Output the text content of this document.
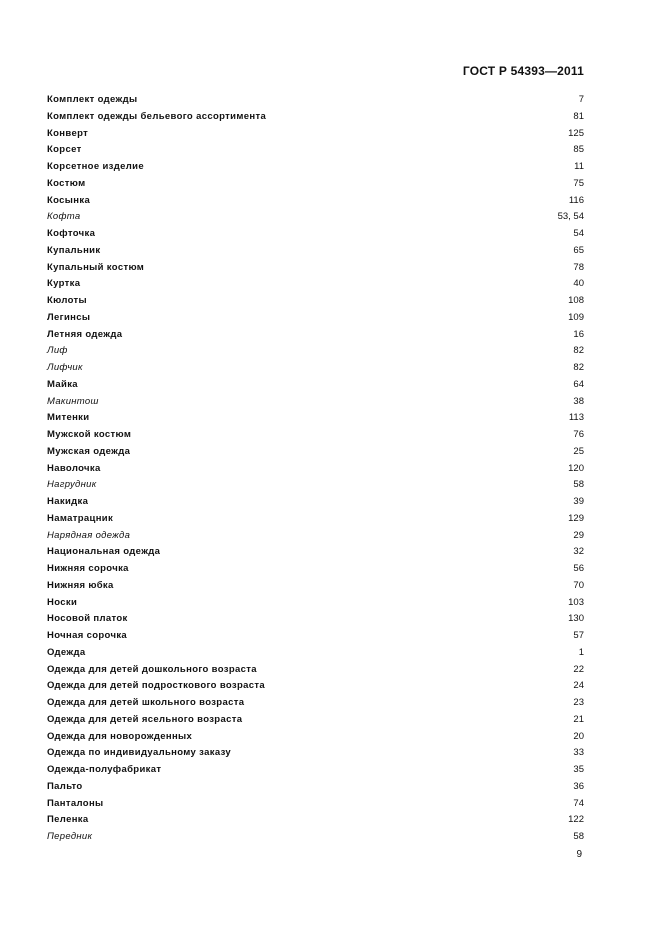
ГОСТ Р 54393—2011
Комплект одежды	7
Комплект одежды бельевого ассортимента	81
Конверт	125
Корсет	85
Корсетное изделие	11
Костюм	75
Косынка	116
Кофта	53, 54
Кофточка	54
Купальник	65
Купальный костюм	78
Куртка	40
Кюлоты	108
Легинсы	109
Летняя одежда	16
Лиф	82
Лифчик	82
Майка	64
Макинтош	38
Митенки	113
Мужской костюм	76
Мужская одежда	25
Наволочка	120
Нагрудник	58
Накидка	39
Наматрацник	129
Нарядная одежда	29
Национальная одежда	32
Нижняя сорочка	56
Нижняя юбка	70
Носки	103
Носовой платок	130
Ночная сорочка	57
Одежда	1
Одежда для детей дошкольного возраста	22
Одежда для детей подросткового возраста	24
Одежда для детей школьного возраста	23
Одежда для детей ясельного возраста	21
Одежда для новорожденных	20
Одежда по индивидуальному заказу	33
Одежда-полуфабрикат	35
Пальто	36
Панталоны	74
Пеленка	122
Передник	58
9
